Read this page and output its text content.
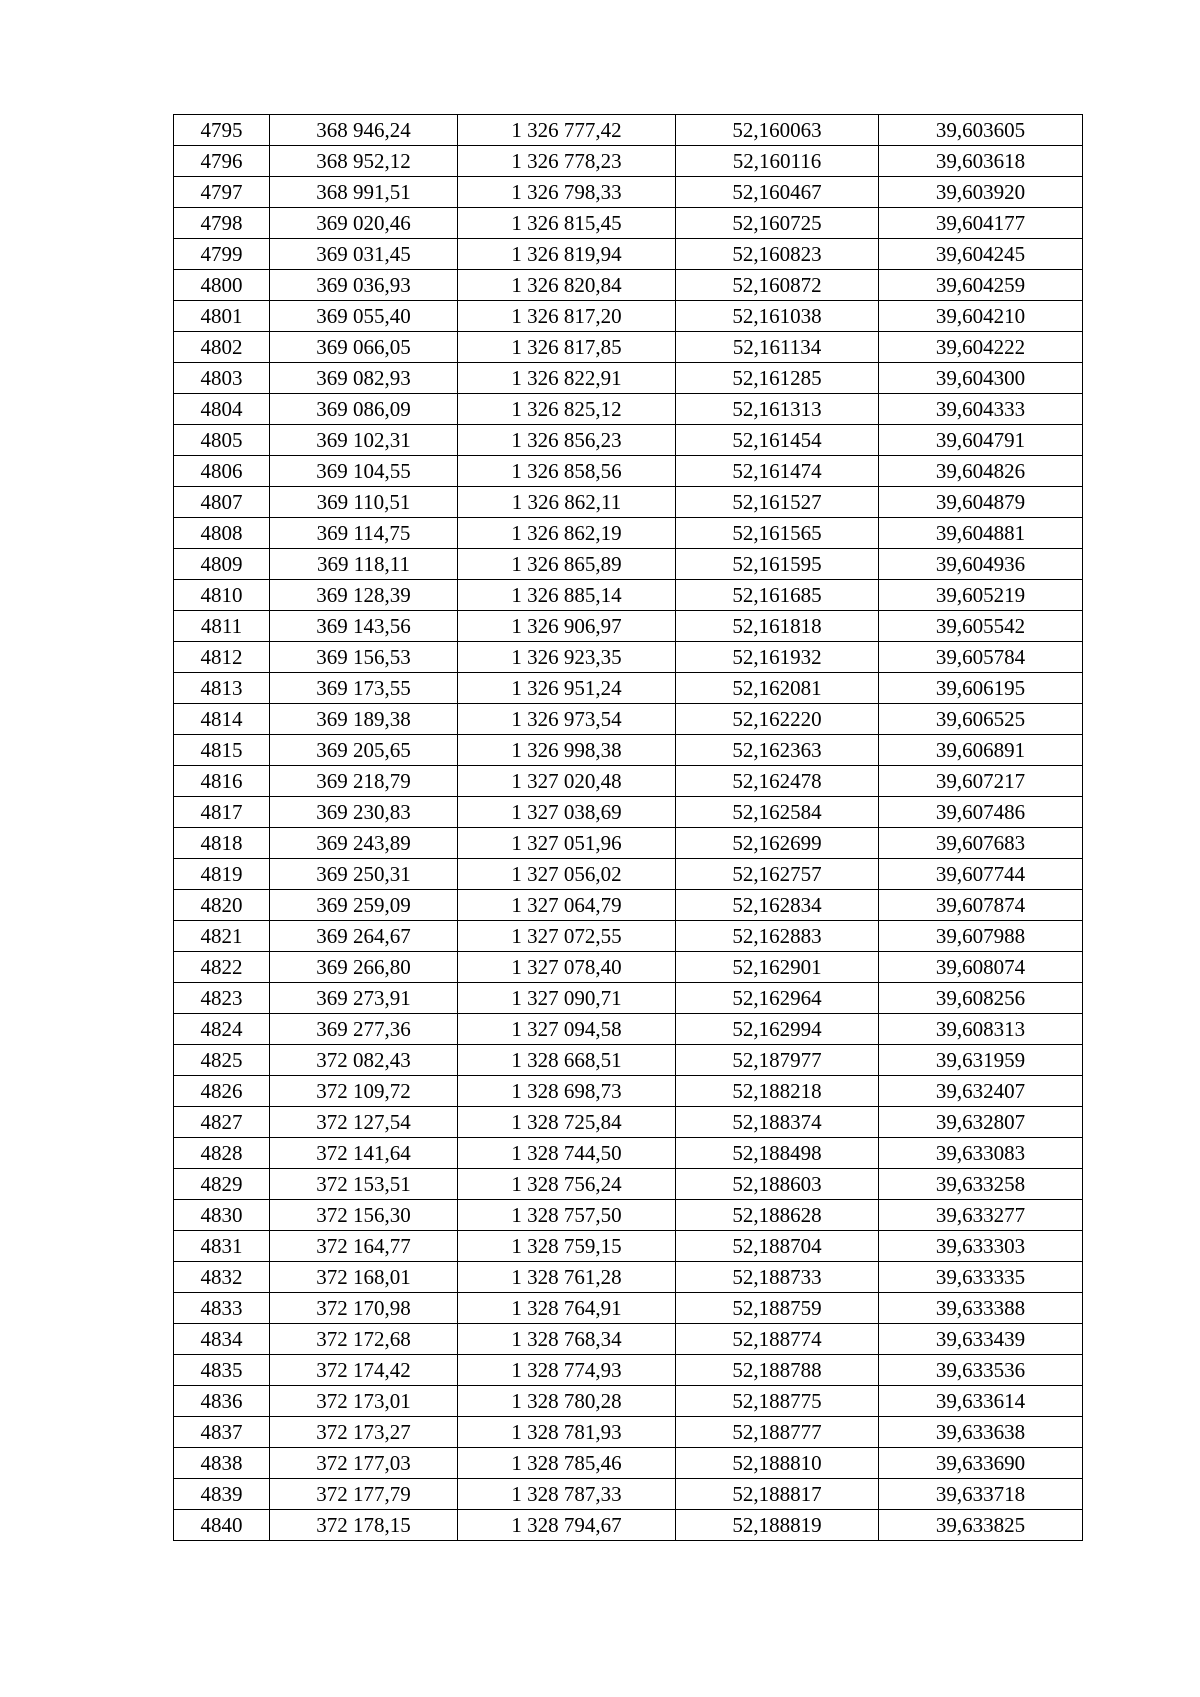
4795	368 946,24	1 326 777,42	52,160063	39,603605
4796	368 952,12	1 326 778,23	52,160116	39,603618
4797	368 991,51	1 326 798,33	52,160467	39,603920
4798	369 020,46	1 326 815,45	52,160725	39,604177
4799	369 031,45	1 326 819,94	52,160823	39,604245
4800	369 036,93	1 326 820,84	52,160872	39,604259
4801	369 055,40	1 326 817,20	52,161038	39,604210
4802	369 066,05	1 326 817,85	52,161134	39,604222
4803	369 082,93	1 326 822,91	52,161285	39,604300
4804	369 086,09	1 326 825,12	52,161313	39,604333
4805	369 102,31	1 326 856,23	52,161454	39,604791
4806	369 104,55	1 326 858,56	52,161474	39,604826
4807	369 110,51	1 326 862,11	52,161527	39,604879
4808	369 114,75	1 326 862,19	52,161565	39,604881
4809	369 118,11	1 326 865,89	52,161595	39,604936
4810	369 128,39	1 326 885,14	52,161685	39,605219
4811	369 143,56	1 326 906,97	52,161818	39,605542
4812	369 156,53	1 326 923,35	52,161932	39,605784
4813	369 173,55	1 326 951,24	52,162081	39,606195
4814	369 189,38	1 326 973,54	52,162220	39,606525
4815	369 205,65	1 326 998,38	52,162363	39,606891
4816	369 218,79	1 327 020,48	52,162478	39,607217
4817	369 230,83	1 327 038,69	52,162584	39,607486
4818	369 243,89	1 327 051,96	52,162699	39,607683
4819	369 250,31	1 327 056,02	52,162757	39,607744
4820	369 259,09	1 327 064,79	52,162834	39,607874
4821	369 264,67	1 327 072,55	52,162883	39,607988
4822	369 266,80	1 327 078,40	52,162901	39,608074
4823	369 273,91	1 327 090,71	52,162964	39,608256
4824	369 277,36	1 327 094,58	52,162994	39,608313
4825	372 082,43	1 328 668,51	52,187977	39,631959
4826	372 109,72	1 328 698,73	52,188218	39,632407
4827	372 127,54	1 328 725,84	52,188374	39,632807
4828	372 141,64	1 328 744,50	52,188498	39,633083
4829	372 153,51	1 328 756,24	52,188603	39,633258
4830	372 156,30	1 328 757,50	52,188628	39,633277
4831	372 164,77	1 328 759,15	52,188704	39,633303
4832	372 168,01	1 328 761,28	52,188733	39,633335
4833	372 170,98	1 328 764,91	52,188759	39,633388
4834	372 172,68	1 328 768,34	52,188774	39,633439
4835	372 174,42	1 328 774,93	52,188788	39,633536
4836	372 173,01	1 328 780,28	52,188775	39,633614
4837	372 173,27	1 328 781,93	52,188777	39,633638
4838	372 177,03	1 328 785,46	52,188810	39,633690
4839	372 177,79	1 328 787,33	52,188817	39,633718
4840	372 178,15	1 328 794,67	52,188819	39,633825
